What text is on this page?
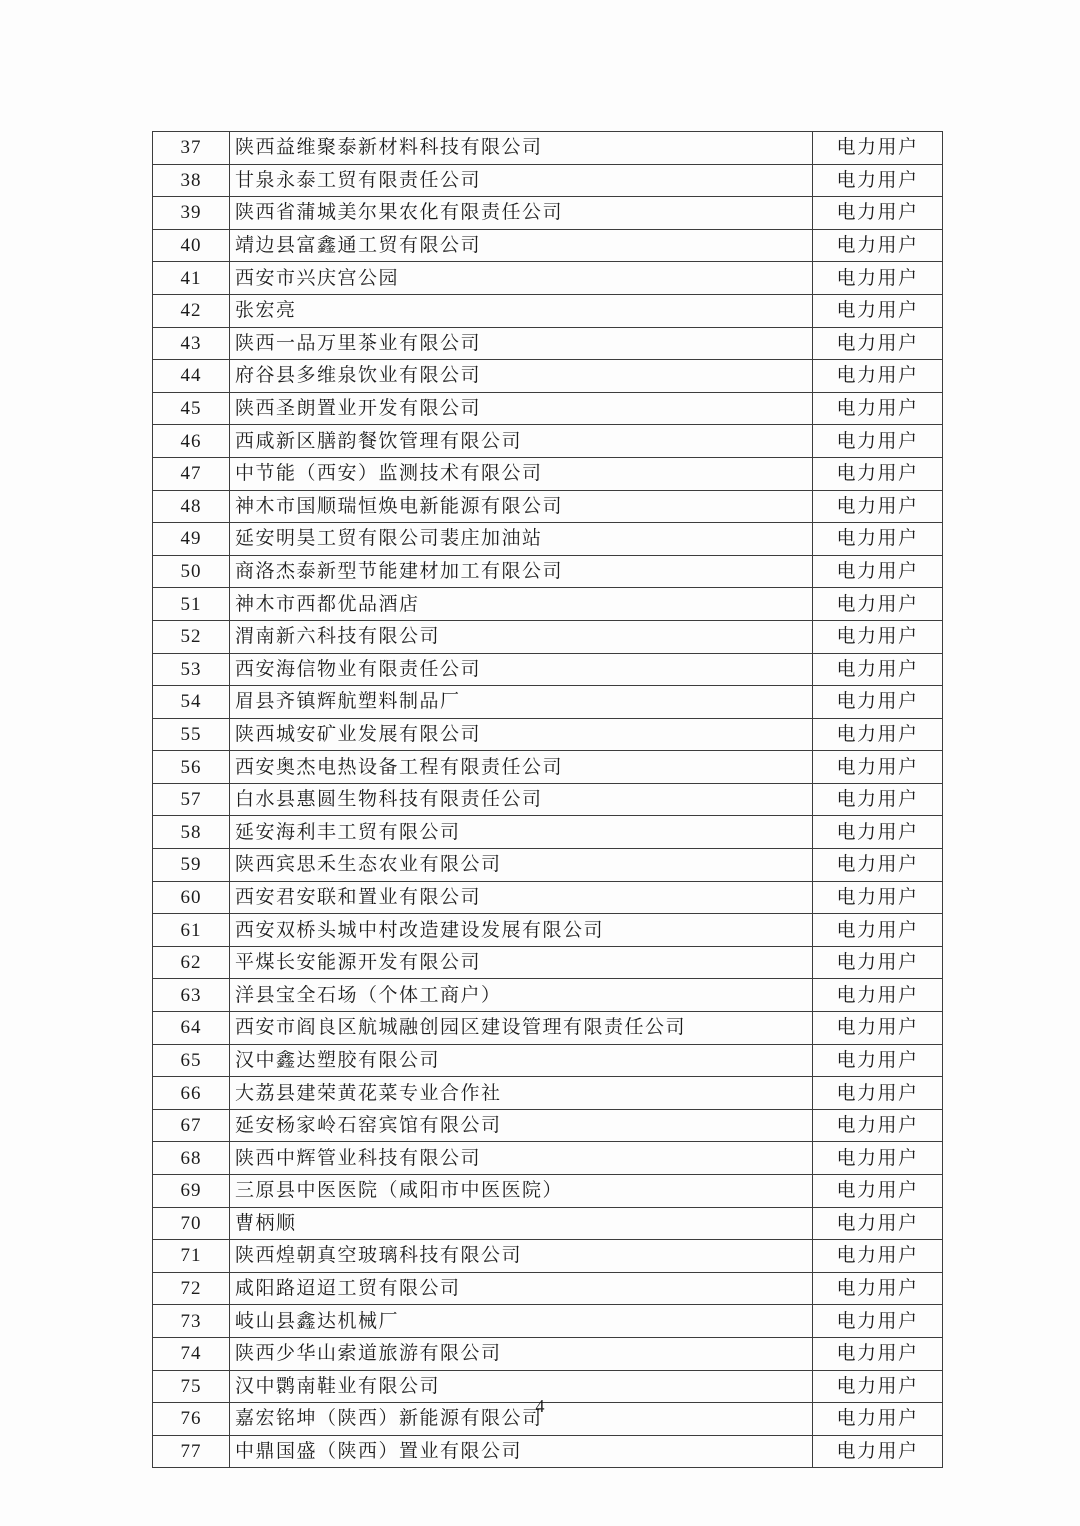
37	陕西益维聚泰新材料科技有限公司	电力用户
38	甘泉永泰工贸有限责任公司	电力用户
39	陕西省蒲城美尔果农化有限责任公司	电力用户
40	靖边县富鑫通工贸有限公司	电力用户
41	西安市兴庆宫公园	电力用户
42	张宏亮	电力用户
43	陕西一品万里茶业有限公司	电力用户
44	府谷县多维泉饮业有限公司	电力用户
45	陕西圣朗置业开发有限公司	电力用户
46	西咸新区膳韵餐饮管理有限公司	电力用户
47	中节能（西安）监测技术有限公司	电力用户
48	神木市国顺瑞恒焕电新能源有限公司	电力用户
49	延安明昊工贸有限公司裴庄加油站	电力用户
50	商洛杰泰新型节能建材加工有限公司	电力用户
51	神木市西都优品酒店	电力用户
52	渭南新六科技有限公司	电力用户
53	西安海信物业有限责任公司	电力用户
54	眉县齐镇辉航塑料制品厂	电力用户
55	陕西城安矿业发展有限公司	电力用户
56	西安奥杰电热设备工程有限责任公司	电力用户
57	白水县惠圆生物科技有限责任公司	电力用户
58	延安海利丰工贸有限公司	电力用户
59	陕西宾思禾生态农业有限公司	电力用户
60	西安君安联和置业有限公司	电力用户
61	西安双桥头城中村改造建设发展有限公司	电力用户
62	平煤长安能源开发有限公司	电力用户
63	洋县宝全石场（个体工商户）	电力用户
64	西安市阎良区航城融创园区建设管理有限责任公司	电力用户
65	汉中鑫达塑胶有限公司	电力用户
66	大荔县建荣黄花菜专业合作社	电力用户
67	延安杨家岭石窑宾馆有限公司	电力用户
68	陕西中辉管业科技有限公司	电力用户
69	三原县中医医院（咸阳市中医医院）	电力用户
70	曹柄顺	电力用户
71	陕西煌朝真空玻璃科技有限公司	电力用户
72	咸阳路迢迢工贸有限公司	电力用户
73	岐山县鑫达机械厂	电力用户
74	陕西少华山索道旅游有限公司	电力用户
75	汉中鹮南鞋业有限公司	电力用户
76	嘉宏铭坤（陕西）新能源有限公司	电力用户
77	中鼎国盛（陕西）置业有限公司	电力用户
4
